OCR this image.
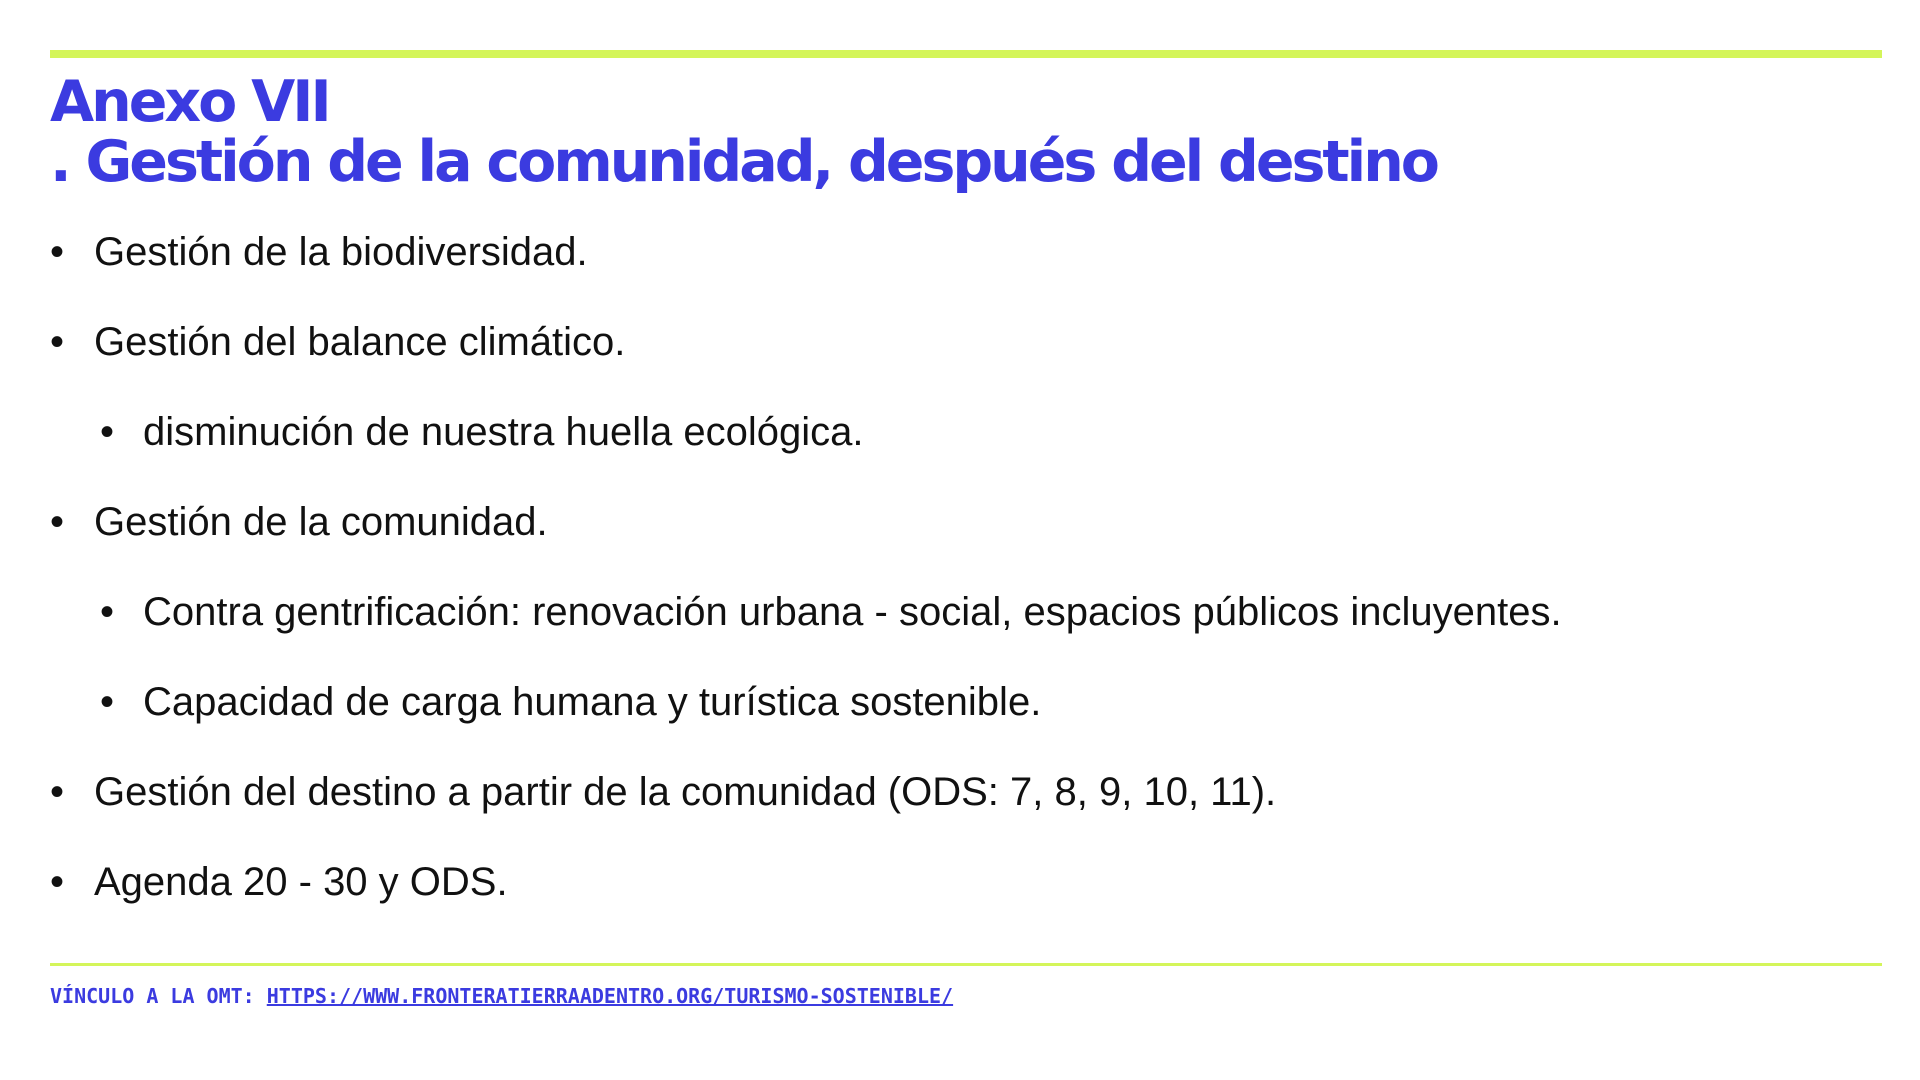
Anexo VII
. Gestión de la comunidad, después del destino
• Gestión de la biodiversidad.
• Gestión del balance climático.
• disminución de nuestra huella ecológica.
• Gestión de la comunidad.
• Contra gentrificación: renovación urbana - social, espacios públicos incluyentes.
• Capacidad de carga humana y turística sostenible.
• Gestión del destino a partir de la comunidad (ODS: 7, 8, 9, 10, 11).
• Agenda 20 - 30 y ODS.
VÍNCULO A LA OMT: HTTPS://WWW.FRONTERATIERRAADENTRO.ORG/TURISMO-SOSTENIBLE/
